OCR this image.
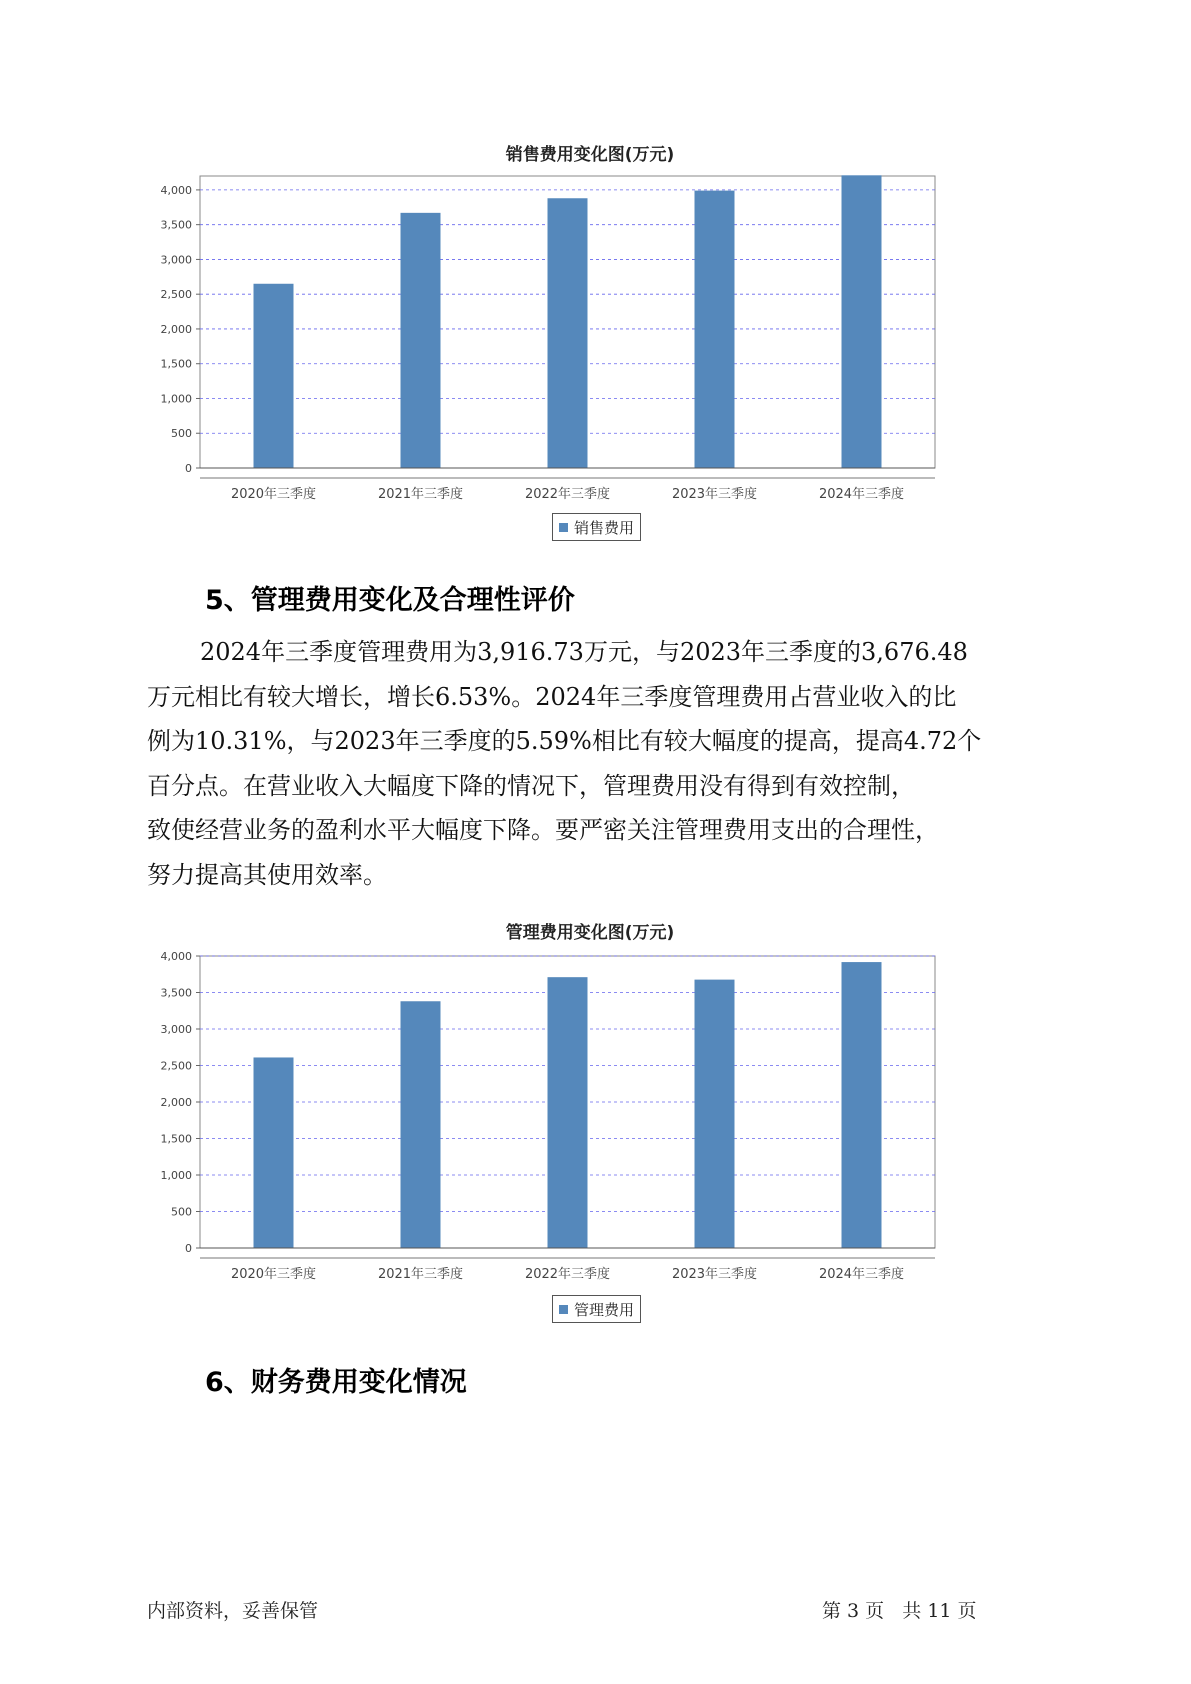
销售费用变化图(万元)
0
500
1,000
1,500
2,000
2,500
3,000
3,500
4,000
2020年三季度	2021年三季度	2022年三季度	2023年三季度	2024年三季度
销售费用
5、管理费用变化及合理性评价
2024年三季度管理费用为3,916.73万元，与2023年三季度的3,676.48
万元相比有较大增长，增长6.53%。2024年三季度管理费用占营业收入的比
例为10.31%，与2023年三季度的5.59%相比有较大幅度的提高，提高4.72个
百分点。在营业收入大幅度下降的情况下，管理费用没有得到有效控制，
致使经营业务的盈利水平大幅度下降。要严密关注管理费用支出的合理性，
努力提高其使用效率。
管理费用变化图(万元)
0
500
1,000
1,500
2,000
2,500
3,000
3,500
4,000
2020年三季度	2021年三季度	2022年三季度	2023年三季度	2024年三季度
管理费用
6、财务费用变化情况
内部资料，妥善保管	第 3 页   共 11 页
